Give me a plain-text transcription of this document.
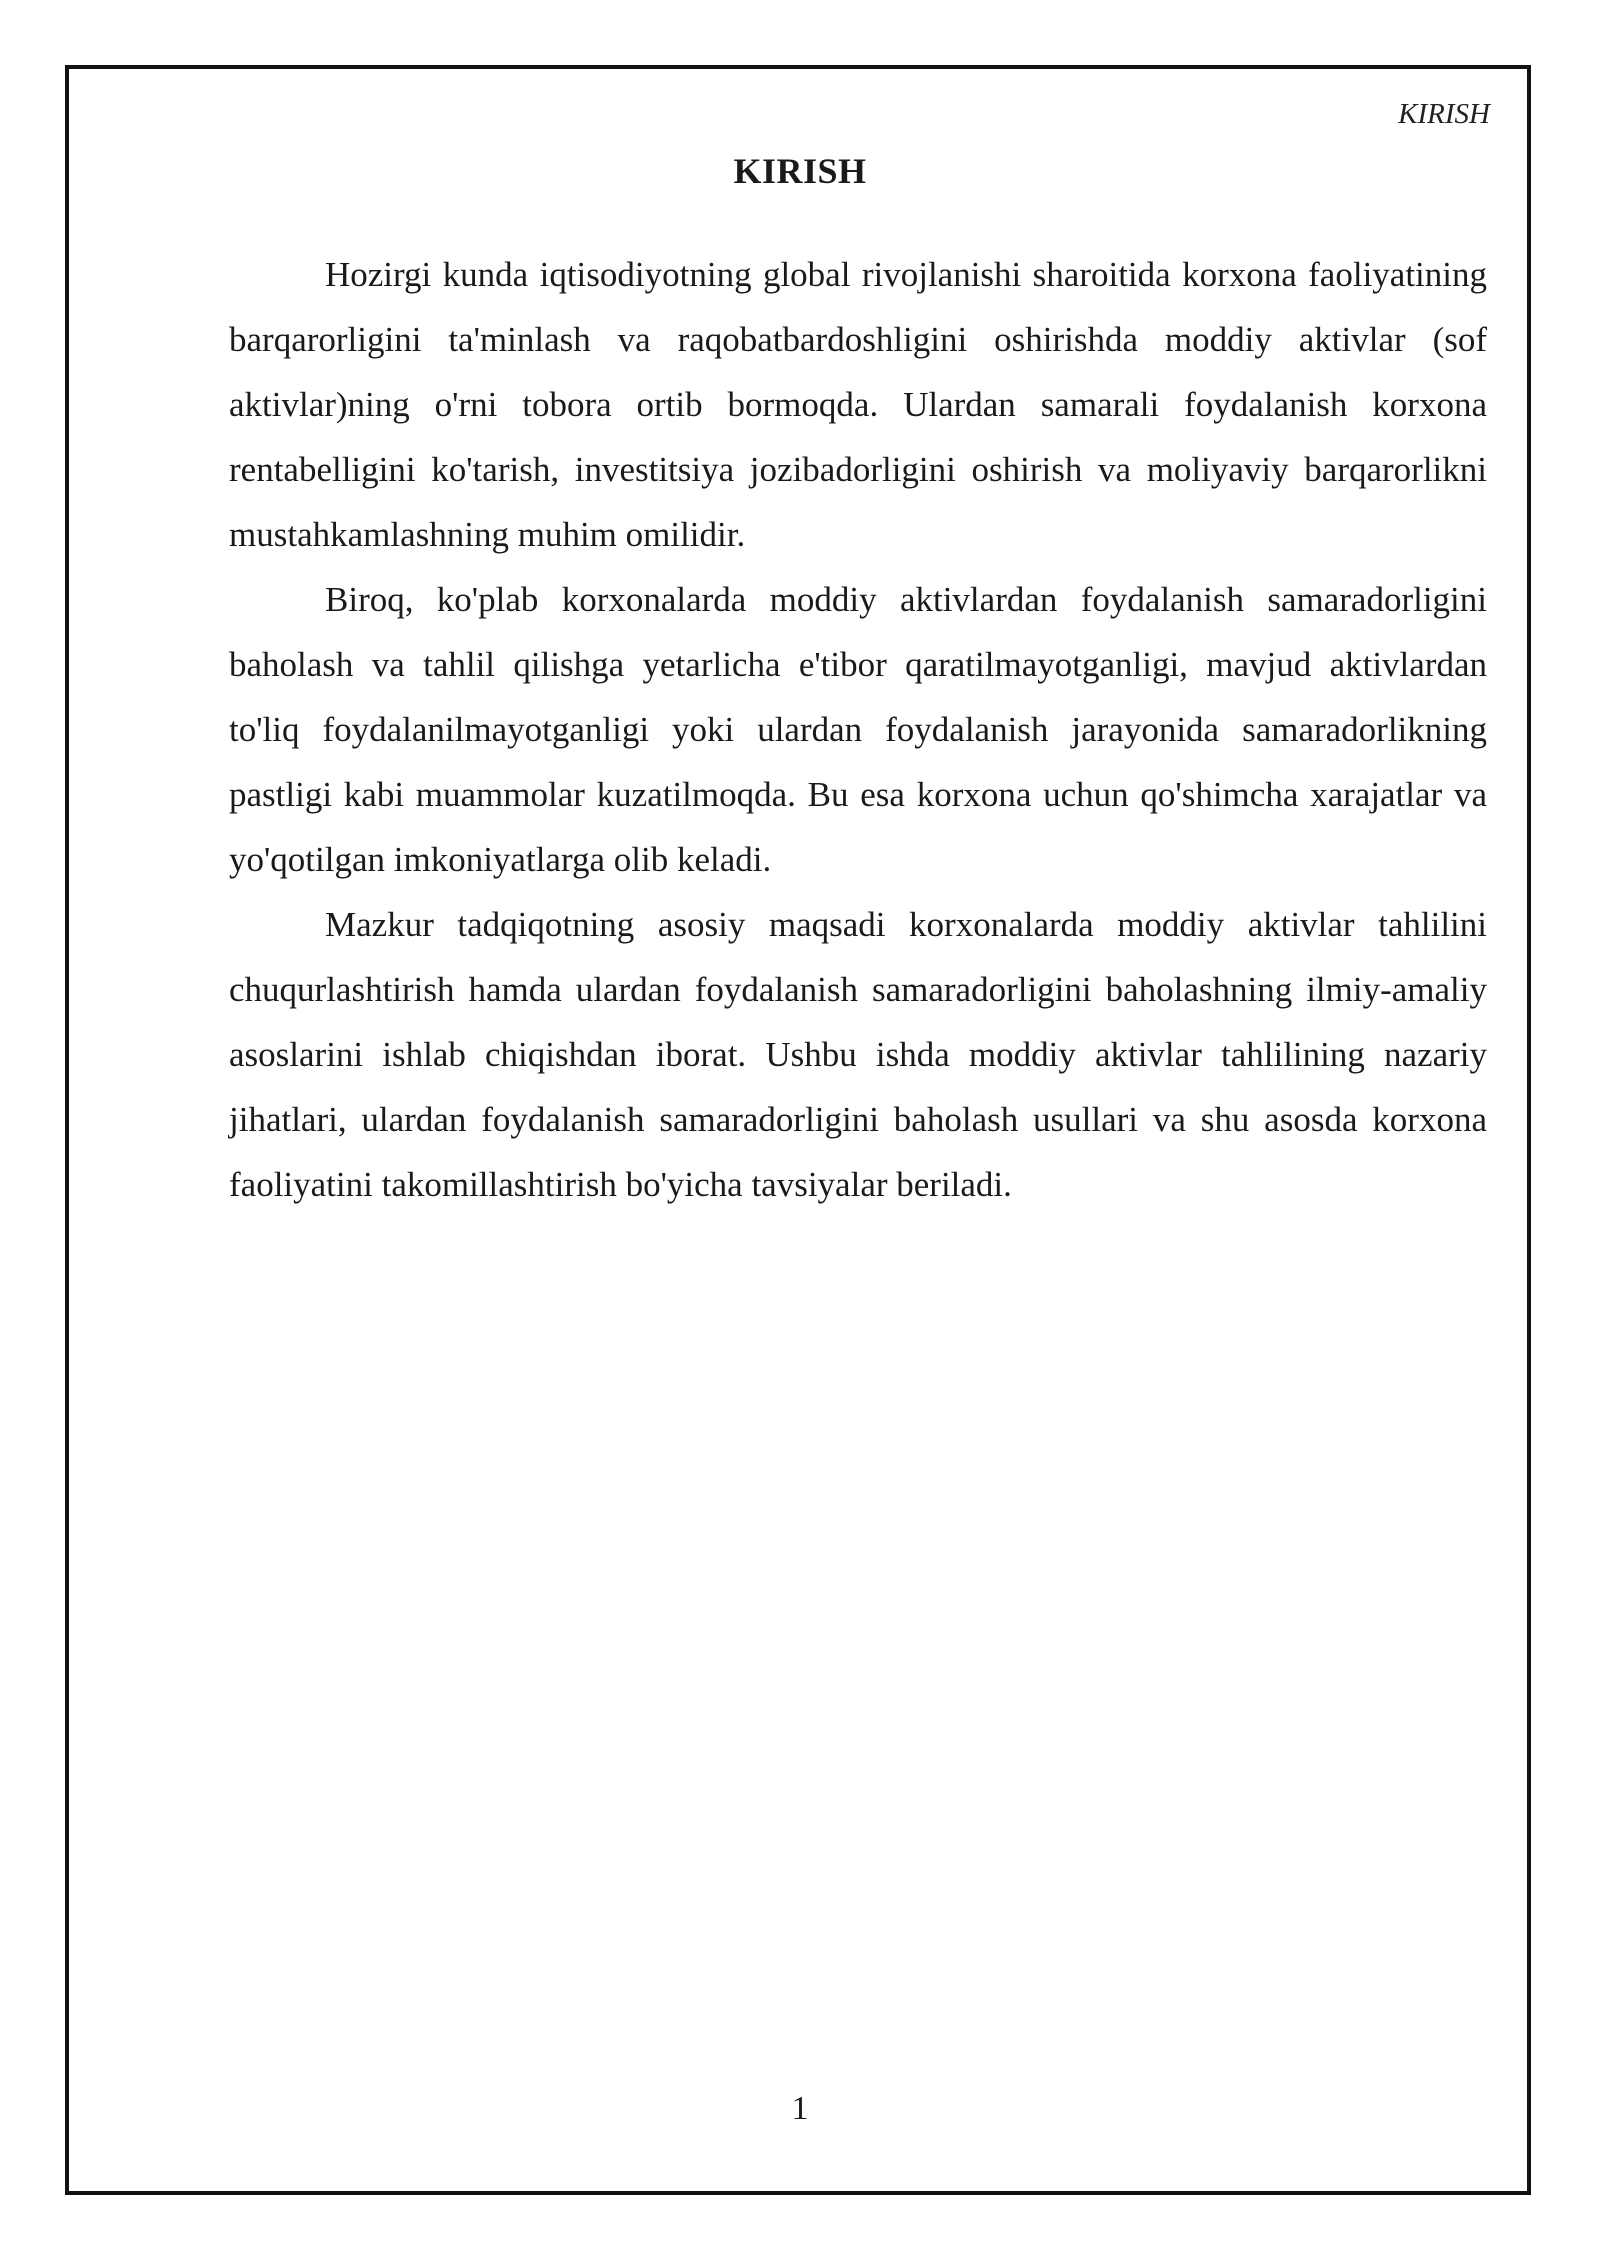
KIRISH
KIRISH

Hozirgi kunda iqtisodiyotning global rivojlanishi sharoitida korxona faoliyatining barqarorligini ta'minlash va raqobatbardoshligini oshirishda moddiy aktivlar (sof aktivlar)ning o'rni tobora ortib bormoqda. Ulardan samarali foydalanish korxona rentabelligini ko'tarish, investitsiya jozibadorligini oshirish va moliyaviy barqarorlikni mustahkamlashning muhim omilidir.

Biroq, ko'plab korxonalarda moddiy aktivlardan foydalanish samaradorligini baholash va tahlil qilishga yetarlicha e'tibor qaratilmayotganligi, mavjud aktivlardan to'liq foydalanilmayotganligi yoki ulardan foydalanish jarayonida samaradorlikning pastligi kabi muammolar kuzatilmoqda. Bu esa korxona uchun qo'shimcha xarajatlar va yo'qotilgan imkoniyatlarga olib keladi.

Mazkur tadqiqotning asosiy maqsadi korxonalarda moddiy aktivlar tahlilini chuqurlashtirish hamda ulardan foydalanish samaradorligini baholashning ilmiy-amaliy asoslarini ishlab chiqishdan iborat. Ushbu ishda moddiy aktivlar tahlilining nazariy jihatlari, ulardan foydalanish samaradorligini baholash usullari va shu asosda korxona faoliyatini takomillashtirish bo'yicha tavsiyalar beriladi.

1
